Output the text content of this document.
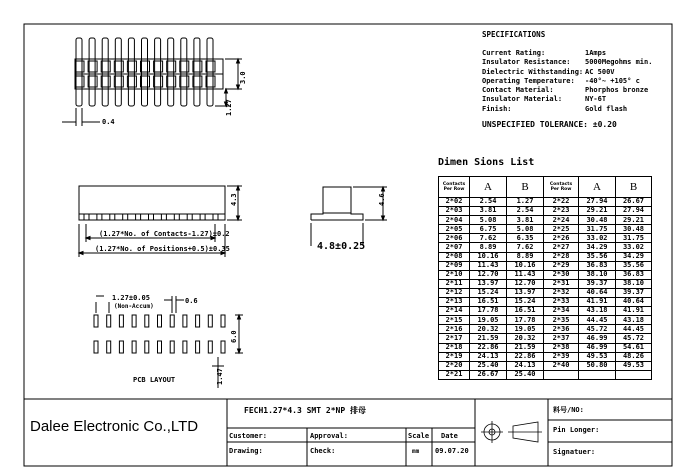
3.0
1.27
0.4
4.3
(1.27*No. of Contacts-1.27)±0.2
(1.27*No. of Positions+0.5)±0.35
4.6
4.8±0.25
1.27±0.05
(Non-Accum)
0.6
6.0
1.47
PCB LAYOUT
SPECIFICATIONS
Current Rating:	1Amps
Insulator Resistance:	5000Megohms min.
Dielectric Withstanding: AC 500V
Operating Temperature:	-40°~ +105° c
Contact Material:	Phorphos bronze
Insulator Material:	NY-6T
Finish:	Gold flash
UNSPECIFIED TOLERANCE: ±0.20
Dimen Sions List
Contacts
Per Row	A	B	Contacts
Per Row	A	B
2*02	2.54	1.27	2*22	27.94	26.67
2*03	3.81	2.54	2*23	29.21	27.94
2*04	5.08	3.81	2*24	30.48	29.21
2*05	6.75	5.08	2*25	31.75	30.48
2*06	7.62	6.35	2*26	33.02	31.75
2*07	8.89	7.62	2*27	34.29	33.02
2*08	10.16	8.89	2*28	35.56	34.29
2*09	11.43	10.16	2*29	36.83	35.56
2*10	12.70	11.43	2*30	38.10	36.83
2*11	13.97	12.70	2*31	39.37	38.10
2*12	15.24	13.97	2*32	40.64	39.37
2*13	16.51	15.24	2*33	41.91	40.64
2*14	17.78	16.51	2*34	43.18	41.91
2*15	19.05	17.78	2*35	44.45	43.18
2*16	20.32	19.05	2*36	45.72	44.45
2*17	21.59	20.32	2*37	46.99	45.72
2*18	22.86	21.59	2*38	46.99	54.61
2*19	24.13	22.86	2*39	49.53	48.26
2*20	25.40	24.13	2*40	50.80	49.53
2*21	26.67	25.40			
Dalee Electronic Co.,LTD
FECH1.27*4.3 SMT 2*NP 排母	料号/NO:
Pin Longer:
Signatuer:
Customer:	Approval:	Scale Date
Drawing:	Check:	mm 09.07.20
